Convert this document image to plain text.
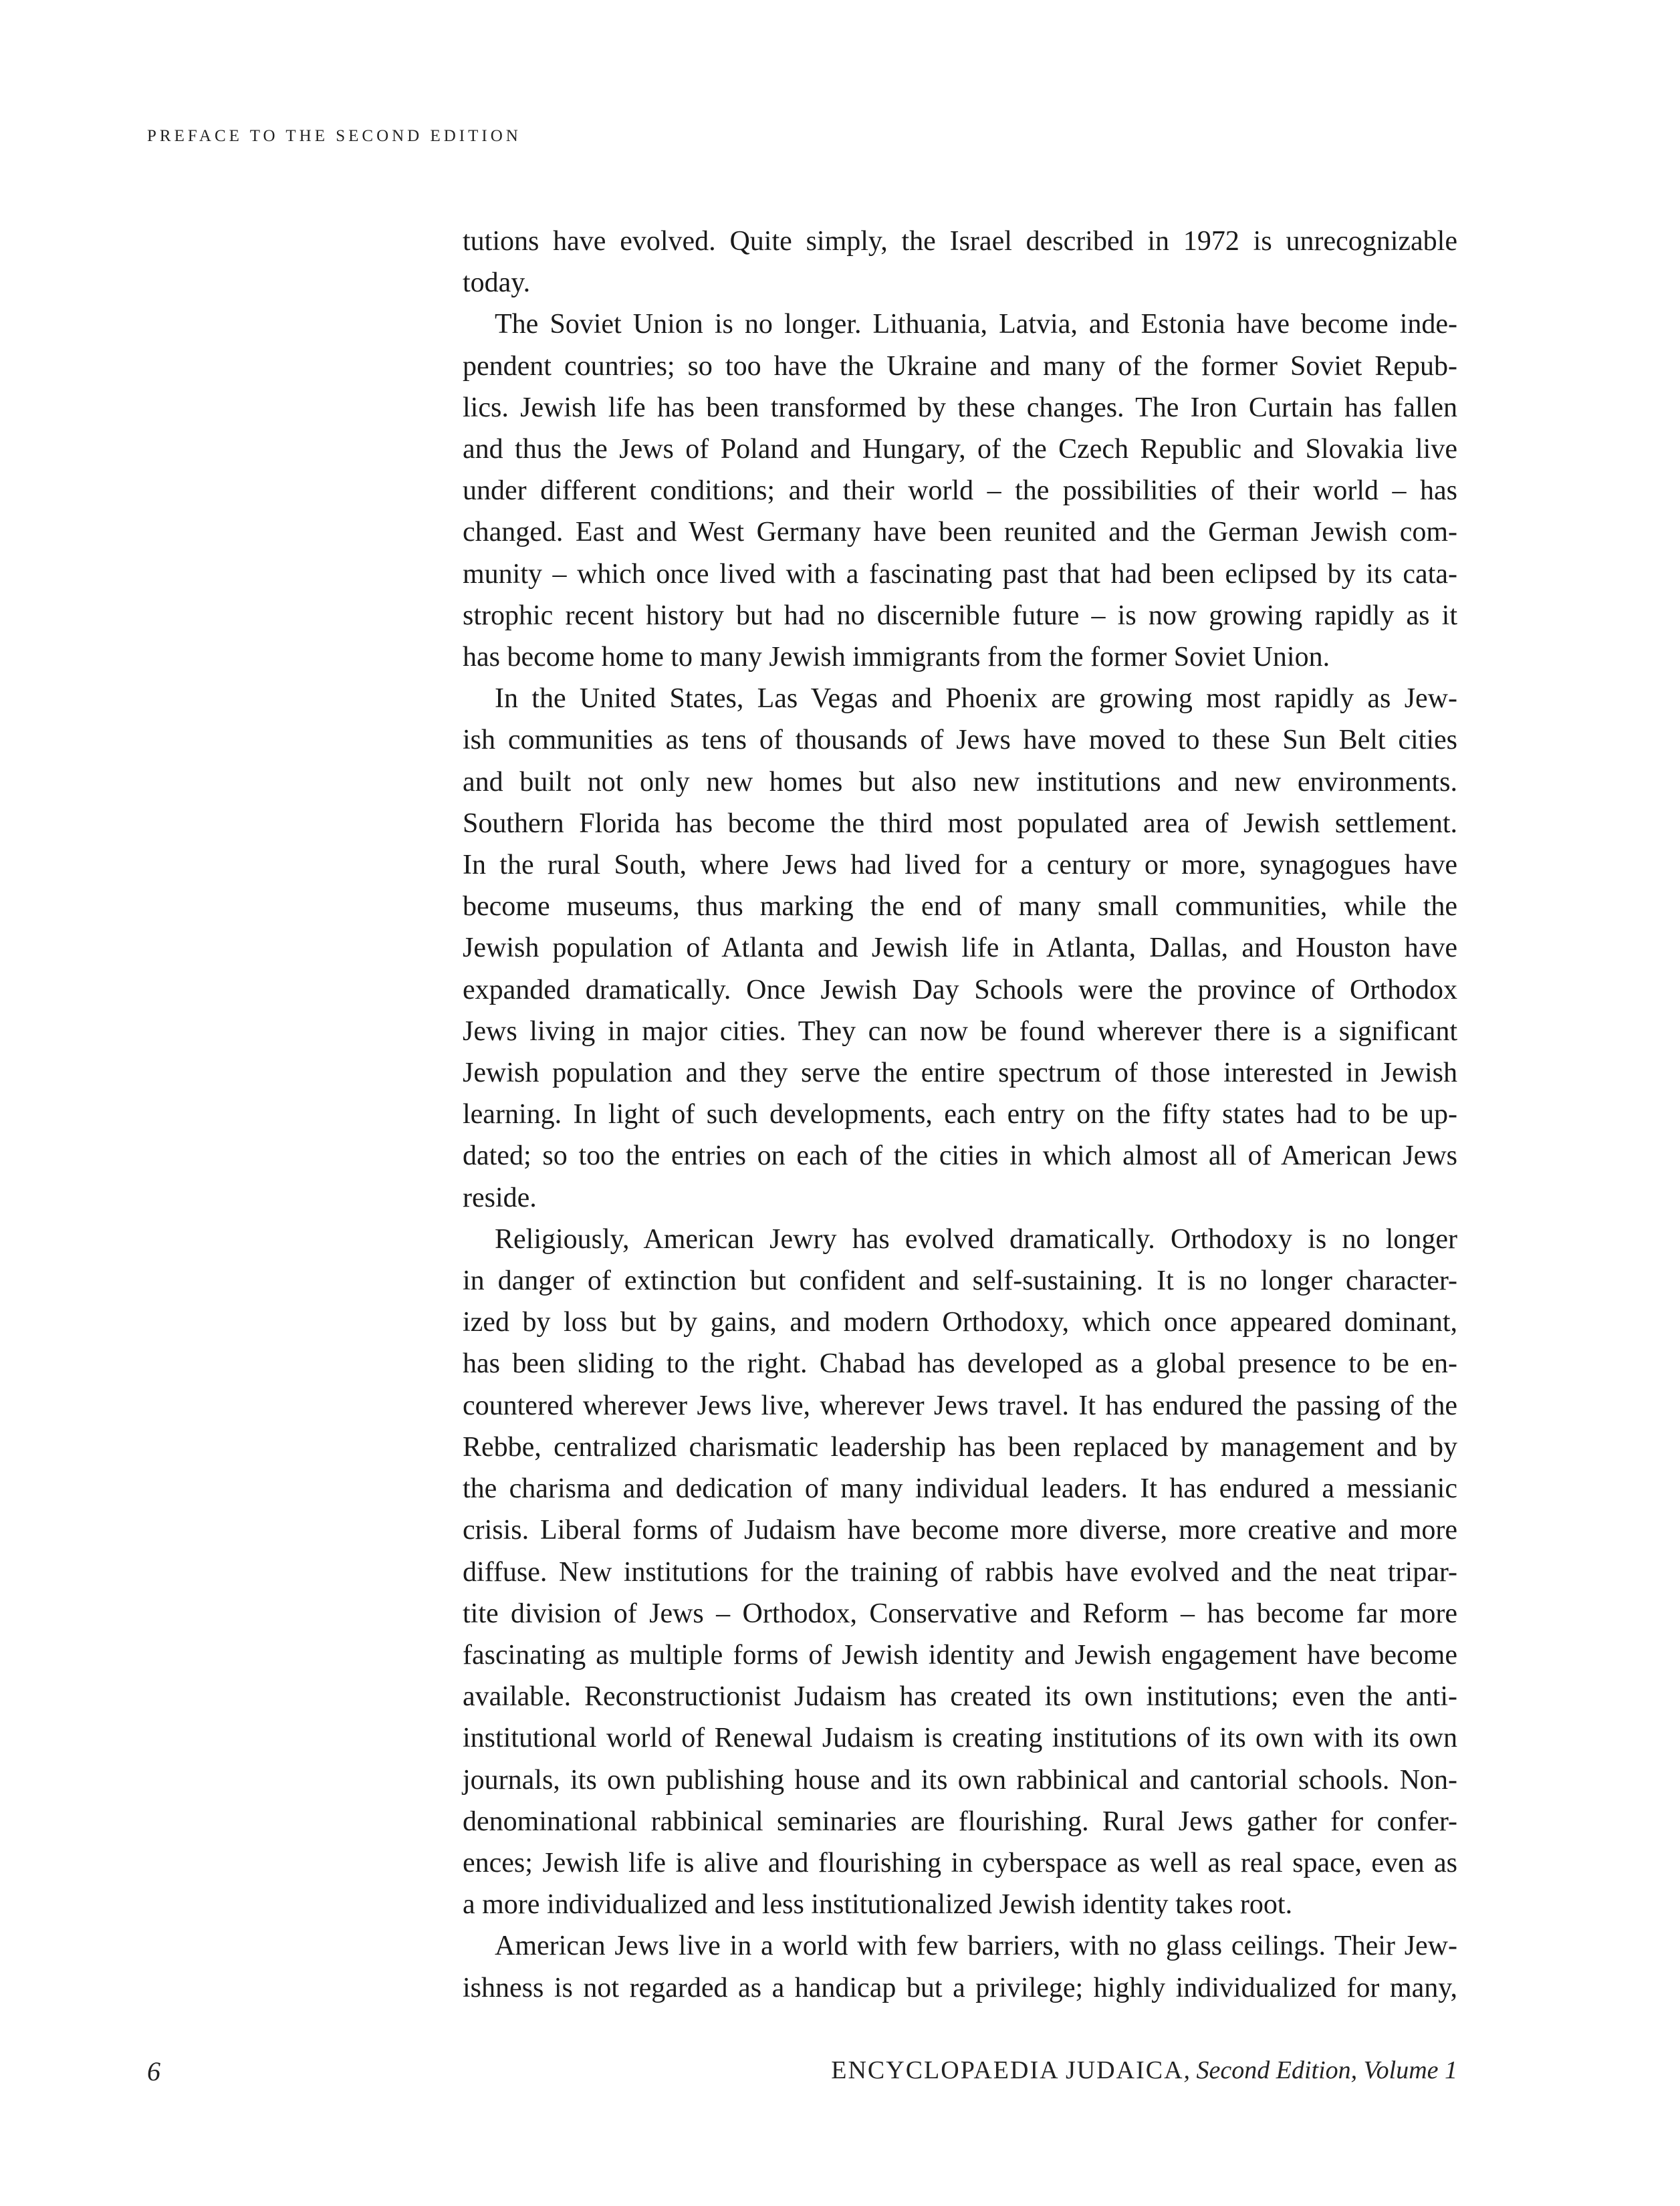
PREFACE TO THE SECOND EDITION
tutions have evolved. Quite simply, the Israel described in 1972 is unrecognizable
today.
The Soviet Union is no longer. Lithuania, Latvia, and Estonia have become inde-
pendent countries; so too have the Ukraine and many of the former Soviet Repub-
lics. Jewish life has been transformed by these changes. The Iron Curtain has fallen
and thus the Jews of Poland and Hungary, of the Czech Republic and Slovakia live
under different conditions; and their world – the possibilities of their world – has
changed. East and West Germany have been reunited and the German Jewish com-
munity – which once lived with a fascinating past that had been eclipsed by its cata-
strophic recent history but had no discernible future – is now growing rapidly as it
has become home to many Jewish immigrants from the former Soviet Union.
In the United States, Las Vegas and Phoenix are growing most rapidly as Jew-
ish communities as tens of thousands of Jews have moved to these Sun Belt cities
and built not only new homes but also new institutions and new environments.
Southern Florida has become the third most populated area of Jewish settlement.
In the rural South, where Jews had lived for a century or more, synagogues have
become museums, thus marking the end of many small communities, while the
Jewish population of Atlanta and Jewish life in Atlanta, Dallas, and Houston have
expanded dramatically. Once Jewish Day Schools were the province of Orthodox
Jews living in major cities. They can now be found wherever there is a significant
Jewish population and they serve the entire spectrum of those interested in Jewish
learning. In light of such developments, each entry on the fifty states had to be up-
dated; so too the entries on each of the cities in which almost all of American Jews
reside.
Religiously, American Jewry has evolved dramatically. Orthodoxy is no longer
in danger of extinction but confident and self-sustaining. It is no longer character-
ized by loss but by gains, and modern Orthodoxy, which once appeared dominant,
has been sliding to the right. Chabad has developed as a global presence to be en-
countered wherever Jews live, wherever Jews travel. It has endured the passing of the
Rebbe, centralized charismatic leadership has been replaced by management and by
the charisma and dedication of many individual leaders. It has endured a messianic
crisis. Liberal forms of Judaism have become more diverse, more creative and more
diffuse. New institutions for the training of rabbis have evolved and the neat tripar-
tite division of Jews – Orthodox, Conservative and Reform – has become far more
fascinating as multiple forms of Jewish identity and Jewish engagement have become
available. Reconstructionist Judaism has created its own institutions; even the anti-
institutional world of Renewal Judaism is creating institutions of its own with its own
journals, its own publishing house and its own rabbinical and cantorial schools. Non-
denominational rabbinical seminaries are flourishing. Rural Jews gather for confer-
ences; Jewish life is alive and flourishing in cyberspace as well as real space, even as
a more individualized and less institutionalized Jewish identity takes root.
American Jews live in a world with few barriers, with no glass ceilings. Their Jew-
ishness is not regarded as a handicap but a privilege; highly individualized for many,
6	ENCYCLOPAEDIA JUDAICA, Second Edition, Volume 1
